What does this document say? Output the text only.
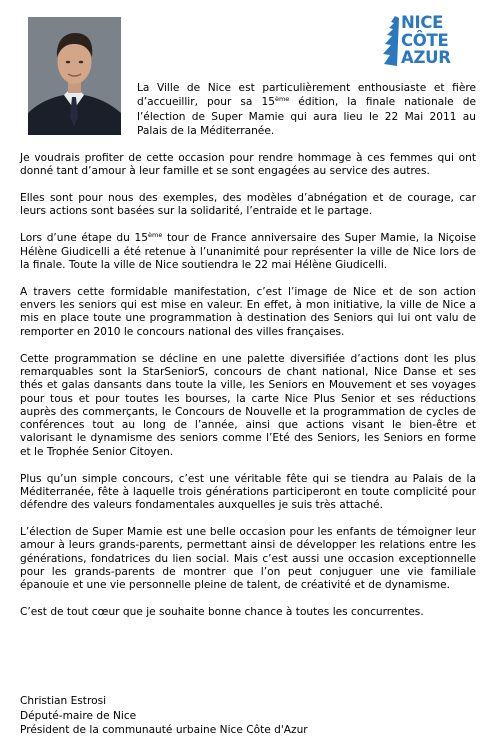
NICE
CÔTE
AZUR
La Ville de Nice est particulièrement enthousiaste et fière d’accueillir, pour sa 15ème édition, la finale nationale de l’élection de Super Mamie qui aura lieu le 22 Mai 2011 au Palais de la Méditerranée.

Je voudrais profiter de cette occasion pour rendre hommage à ces femmes qui ont donné tant d’amour à leur famille et se sont engagées au service des autres.

Elles sont pour nous des exemples, des modèles d’abnégation et de courage, car leurs actions sont basées sur la solidarité, l’entraide et le partage.

Lors d’une étape du 15ème tour de France anniversaire des Super Mamie, la Niçoise Hélène Giudicelli a été retenue à l’unanimité pour représenter la ville de Nice lors de la finale. Toute la ville de Nice soutiendra le 22 mai Hélène Giudicelli.

A travers cette formidable manifestation, c’est l’image de Nice et de son action envers les seniors qui est mise en valeur. En effet, à mon initiative, la ville de Nice a mis en place toute une programmation à destination des Seniors qui lui ont valu de remporter en 2010 le concours national des villes françaises.

Cette programmation se décline en une palette diversifiée d’actions dont les plus remarquables sont la StarSeniorS, concours de chant national, Nice Danse et ses thés et galas dansants dans toute la ville, les Seniors en Mouvement et ses voyages pour tous et pour toutes les bourses, la carte Nice Plus Senior et ses réductions auprès des commerçants, le Concours de Nouvelle et la programmation de cycles de conférences tout au long de l’année, ainsi que actions visant le bien-être et valorisant le dynamisme des seniors comme l’Eté des Seniors, les Seniors en forme et le Trophée Senior Citoyen.

Plus qu’un simple concours, c’est une véritable fête qui se tiendra au Palais de la Méditerranée, fête à laquelle trois générations participeront en toute complicité pour défendre des valeurs fondamentales auxquelles je suis très attaché.

L’élection de Super Mamie est une belle occasion pour les enfants de témoigner leur amour à leurs grands-parents, permettant ainsi de développer les relations entre les générations, fondatrices du lien social. Mais c’est aussi une occasion exceptionnelle pour les grands-parents de montrer que l’on peut conjuguer une vie familiale épanouie et une vie personnelle pleine de talent, de créativité et de dynamisme.

C’est de tout cœur que je souhaite bonne chance à toutes les concurrentes.

Christian Estrosi
Député-maire de Nice
Président de la communauté urbaine Nice Côte d'Azur
